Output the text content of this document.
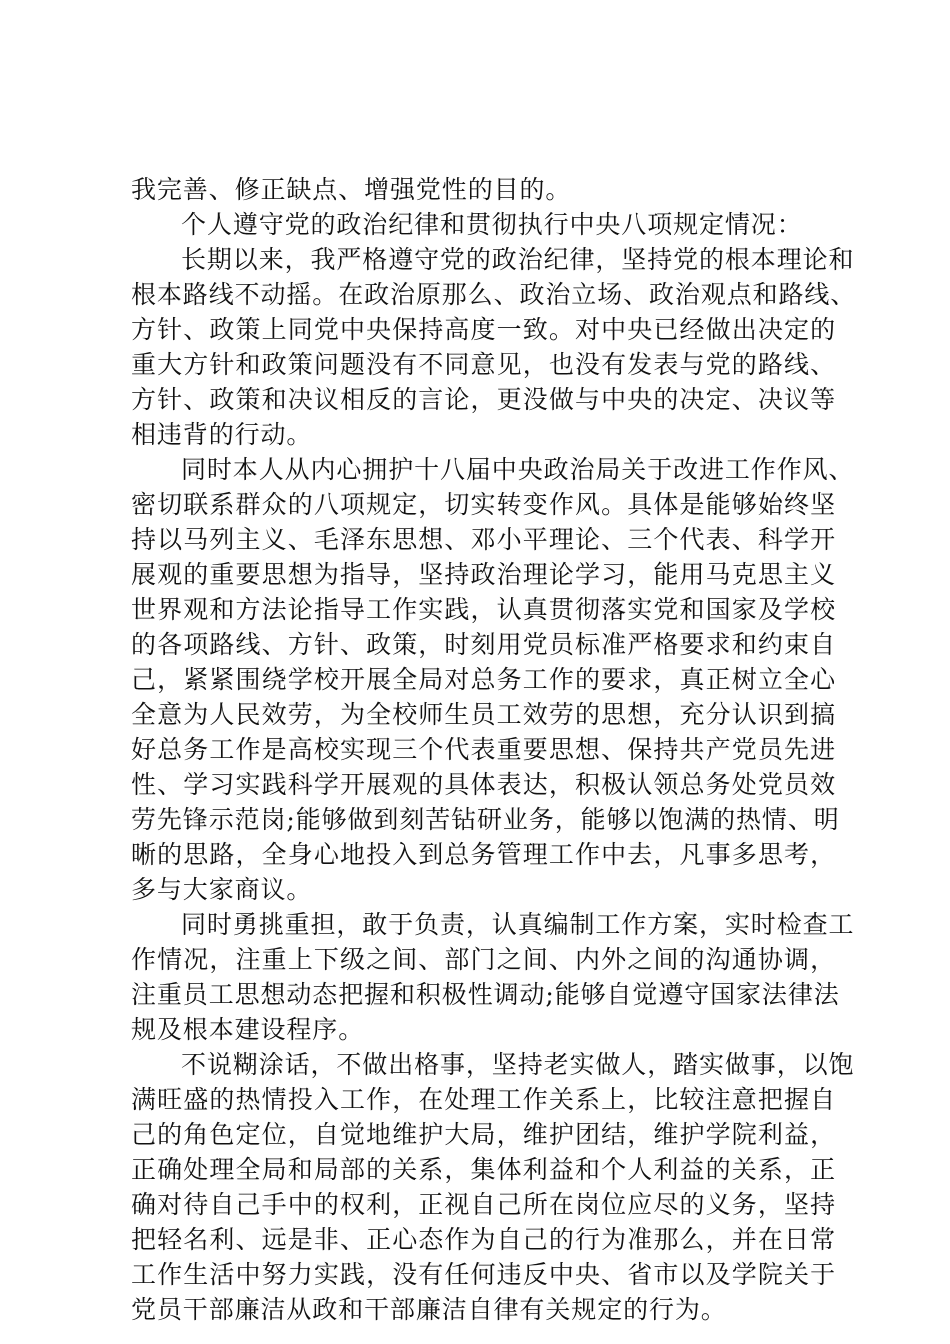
我完善、修正缺点、增强党性的目的。
个人遵守党的政治纪律和贯彻执行中央八项规定情况：
长期以来，我严格遵守党的政治纪律，坚持党的根本理论和
根本路线不动摇。在政治原那么、政治立场、政治观点和路线、
方针、政策上同党中央保持高度一致。对中央已经做出决定的
重大方针和政策问题没有不同意见，也没有发表与党的路线、
方针、政策和决议相反的言论，更没做与中央的决定、决议等
相违背的行动。
同时本人从内心拥护十八届中央政治局关于改进工作作风、
密切联系群众的八项规定，切实转变作风。具体是能够始终坚
持以马列主义、毛泽东思想、邓小平理论、三个代表、科学开
展观的重要思想为指导，坚持政治理论学习，能用马克思主义
世界观和方法论指导工作实践，认真贯彻落实党和国家及学校
的各项路线、方针、政策，时刻用党员标准严格要求和约束自
己，紧紧围绕学校开展全局对总务工作的要求，真正树立全心
全意为人民效劳，为全校师生员工效劳的思想，充分认识到搞
好总务工作是高校实现三个代表重要思想、保持共产党员先进
性、学习实践科学开展观的具体表达，积极认领总务处党员效
劳先锋示范岗;能够做到刻苦钻研业务，能够以饱满的热情、明
晰的思路，全身心地投入到总务管理工作中去，凡事多思考，
多与大家商议。
同时勇挑重担，敢于负责，认真编制工作方案，实时检查工
作情况，注重上下级之间、部门之间、内外之间的沟通协调，
注重员工思想动态把握和积极性调动;能够自觉遵守国家法律法
规及根本建设程序。
不说糊涂话，不做出格事，坚持老实做人，踏实做事，以饱
满旺盛的热情投入工作，在处理工作关系上，比较注意把握自
己的角色定位，自觉地维护大局，维护团结，维护学院利益，
正确处理全局和局部的关系，集体利益和个人利益的关系，正
确对待自己手中的权利，正视自己所在岗位应尽的义务，坚持
把轻名利、远是非、正心态作为自己的行为准那么，并在日常
工作生活中努力实践，没有任何违反中央、省市以及学院关于
党员干部廉洁从政和干部廉洁自律有关规定的行为。
